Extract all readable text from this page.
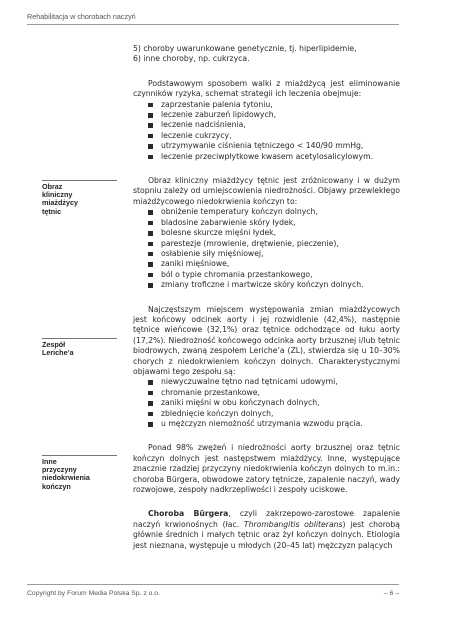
Rehabilitacja w chorobach naczyń
Obraz
kliniczny
miażdżycy
tętnic
Zespół
Leriche’a
Inne
przyczyny
niedokrwienia
kończyn

5) choroby uwarunkowane genetycznie, tj. hiperlipidemie,

6) inne choroby, np. cukrzyca.

Podstawowym sposobem walki z miażdżycą jest eliminowanie czynników ryzyka, schemat strategii ich leczenia obejmuje:

zaprzestanie palenia tytoniu,
leczenie zaburzeń lipidowych,
leczenie nadciśnienia,
leczenie cukrzycy,
utrzymywanie ciśnienia tętniczego < 140/90 mmHg,
leczenie przeciwpłytkowe kwasem acetylosalicylowym.

Obraz kliniczny miażdżycy tętnic jest zróżnicowany i w dużym stopniu zależy od umiejscowienia niedrożności. Objawy przewlekłego miażdżycowego niedokrwienia kończyn to:

obniżenie temperatury kończyn dolnych,
bladosine zabarwienie skóry łydek,
bolesne skurcze mięśni łydek,
parestezje (mrowienie, drętwienie, pieczenie),
osłabienie siły mięśniowej,
zaniki mięśniowe,
ból o typie chromania przestankowego,
zmiany troficzne i martwicze skóry kończyn dolnych.

Najczęstszym miejscem występowania zmian miażdżycowych jest końcowy odcinek aorty i jej rozwidlenie (42,4%), następnie tętnice wieńcowe (32,1%) oraz tętnice odchodzące od łuku aorty (17,2%). Niedrożność końcowego odcinka aorty brzusznej i/lub tętnic biodrowych, zwaną zespołem Leriche’a (ZL), stwierdza się u 10–30% chorych z niedokrwieniem kończyn dolnych. Charakterystycznymi objawami tego zespołu są:

niewyczuwalne tętno nad tętnicami udowymi,
chromanie przestankowe,
zaniki mięśni w obu kończynach dolnych,
zblednięcie kończyn dolnych,
u mężczyzn niemożność utrzymania wzwodu prącia.

Ponad 98% zwężeń i niedrożności aorty brzusznej oraz tętnic kończyn dolnych jest następstwem miażdżycy. Inne, występujące znacznie rzadziej przyczyny niedokrwienia kończyn dolnych to m.in.: choroba Bürgera, obwodowe zatory tętnicze, zapalenie naczyń, wady rozwojowe, zespoły nadkrzepliwości i zespoły uciskowe.

Choroba Bürgera, czyli zakrzepowo-zarostowe zapalenie naczyń krwionośnych (łac. Thrombangitis obliterans) jest chorobą głównie średnich i małych tętnic oraz żył kończyn dolnych. Etiologia jest nieznana, występuje u młodych (20–45 lat) mężczyzn palących

Copyright by Forum Media Polska Sp. z o.o.	– 6 –
